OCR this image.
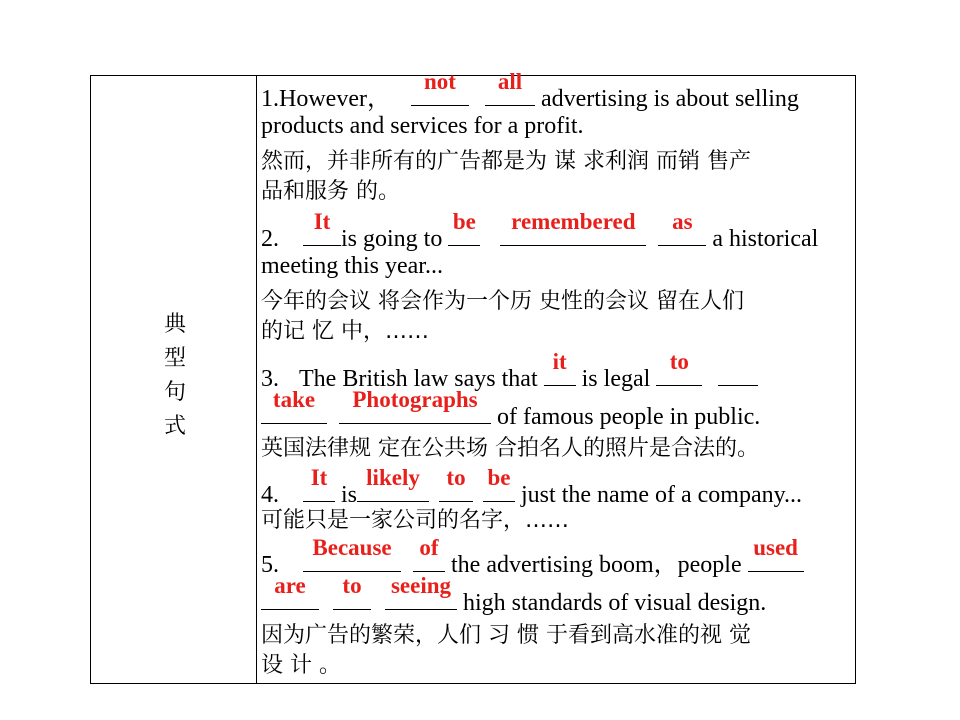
典
型
句
式
1.However，
not
	all
advertising is about selling
products and services for a profit.
然而，并非所有的广告都是为 谋 求利润 而销 售产
品和服务 的。
2.
It
is going to
be
	remembered
	as
a historical
meeting this year...
今年的会议 将会作为一个历 史性的会议 留在人们
的记 忆 中，……
3. The British law says that
it
is legal
to

take
	Photographs
of famous people in public.
英国法律规 定在公共场 合拍名人的照片是合法的。
4.
It
is
likely
	to
be
just the name of a company...
可能只是一家公司的名字，……
5.
Because
	of
the advertising boom，people
used
are
	to
	seeing
high standards of visual design.
因为广告的繁荣，人们 习 惯 于看到高水准的视 觉
设 计 。
